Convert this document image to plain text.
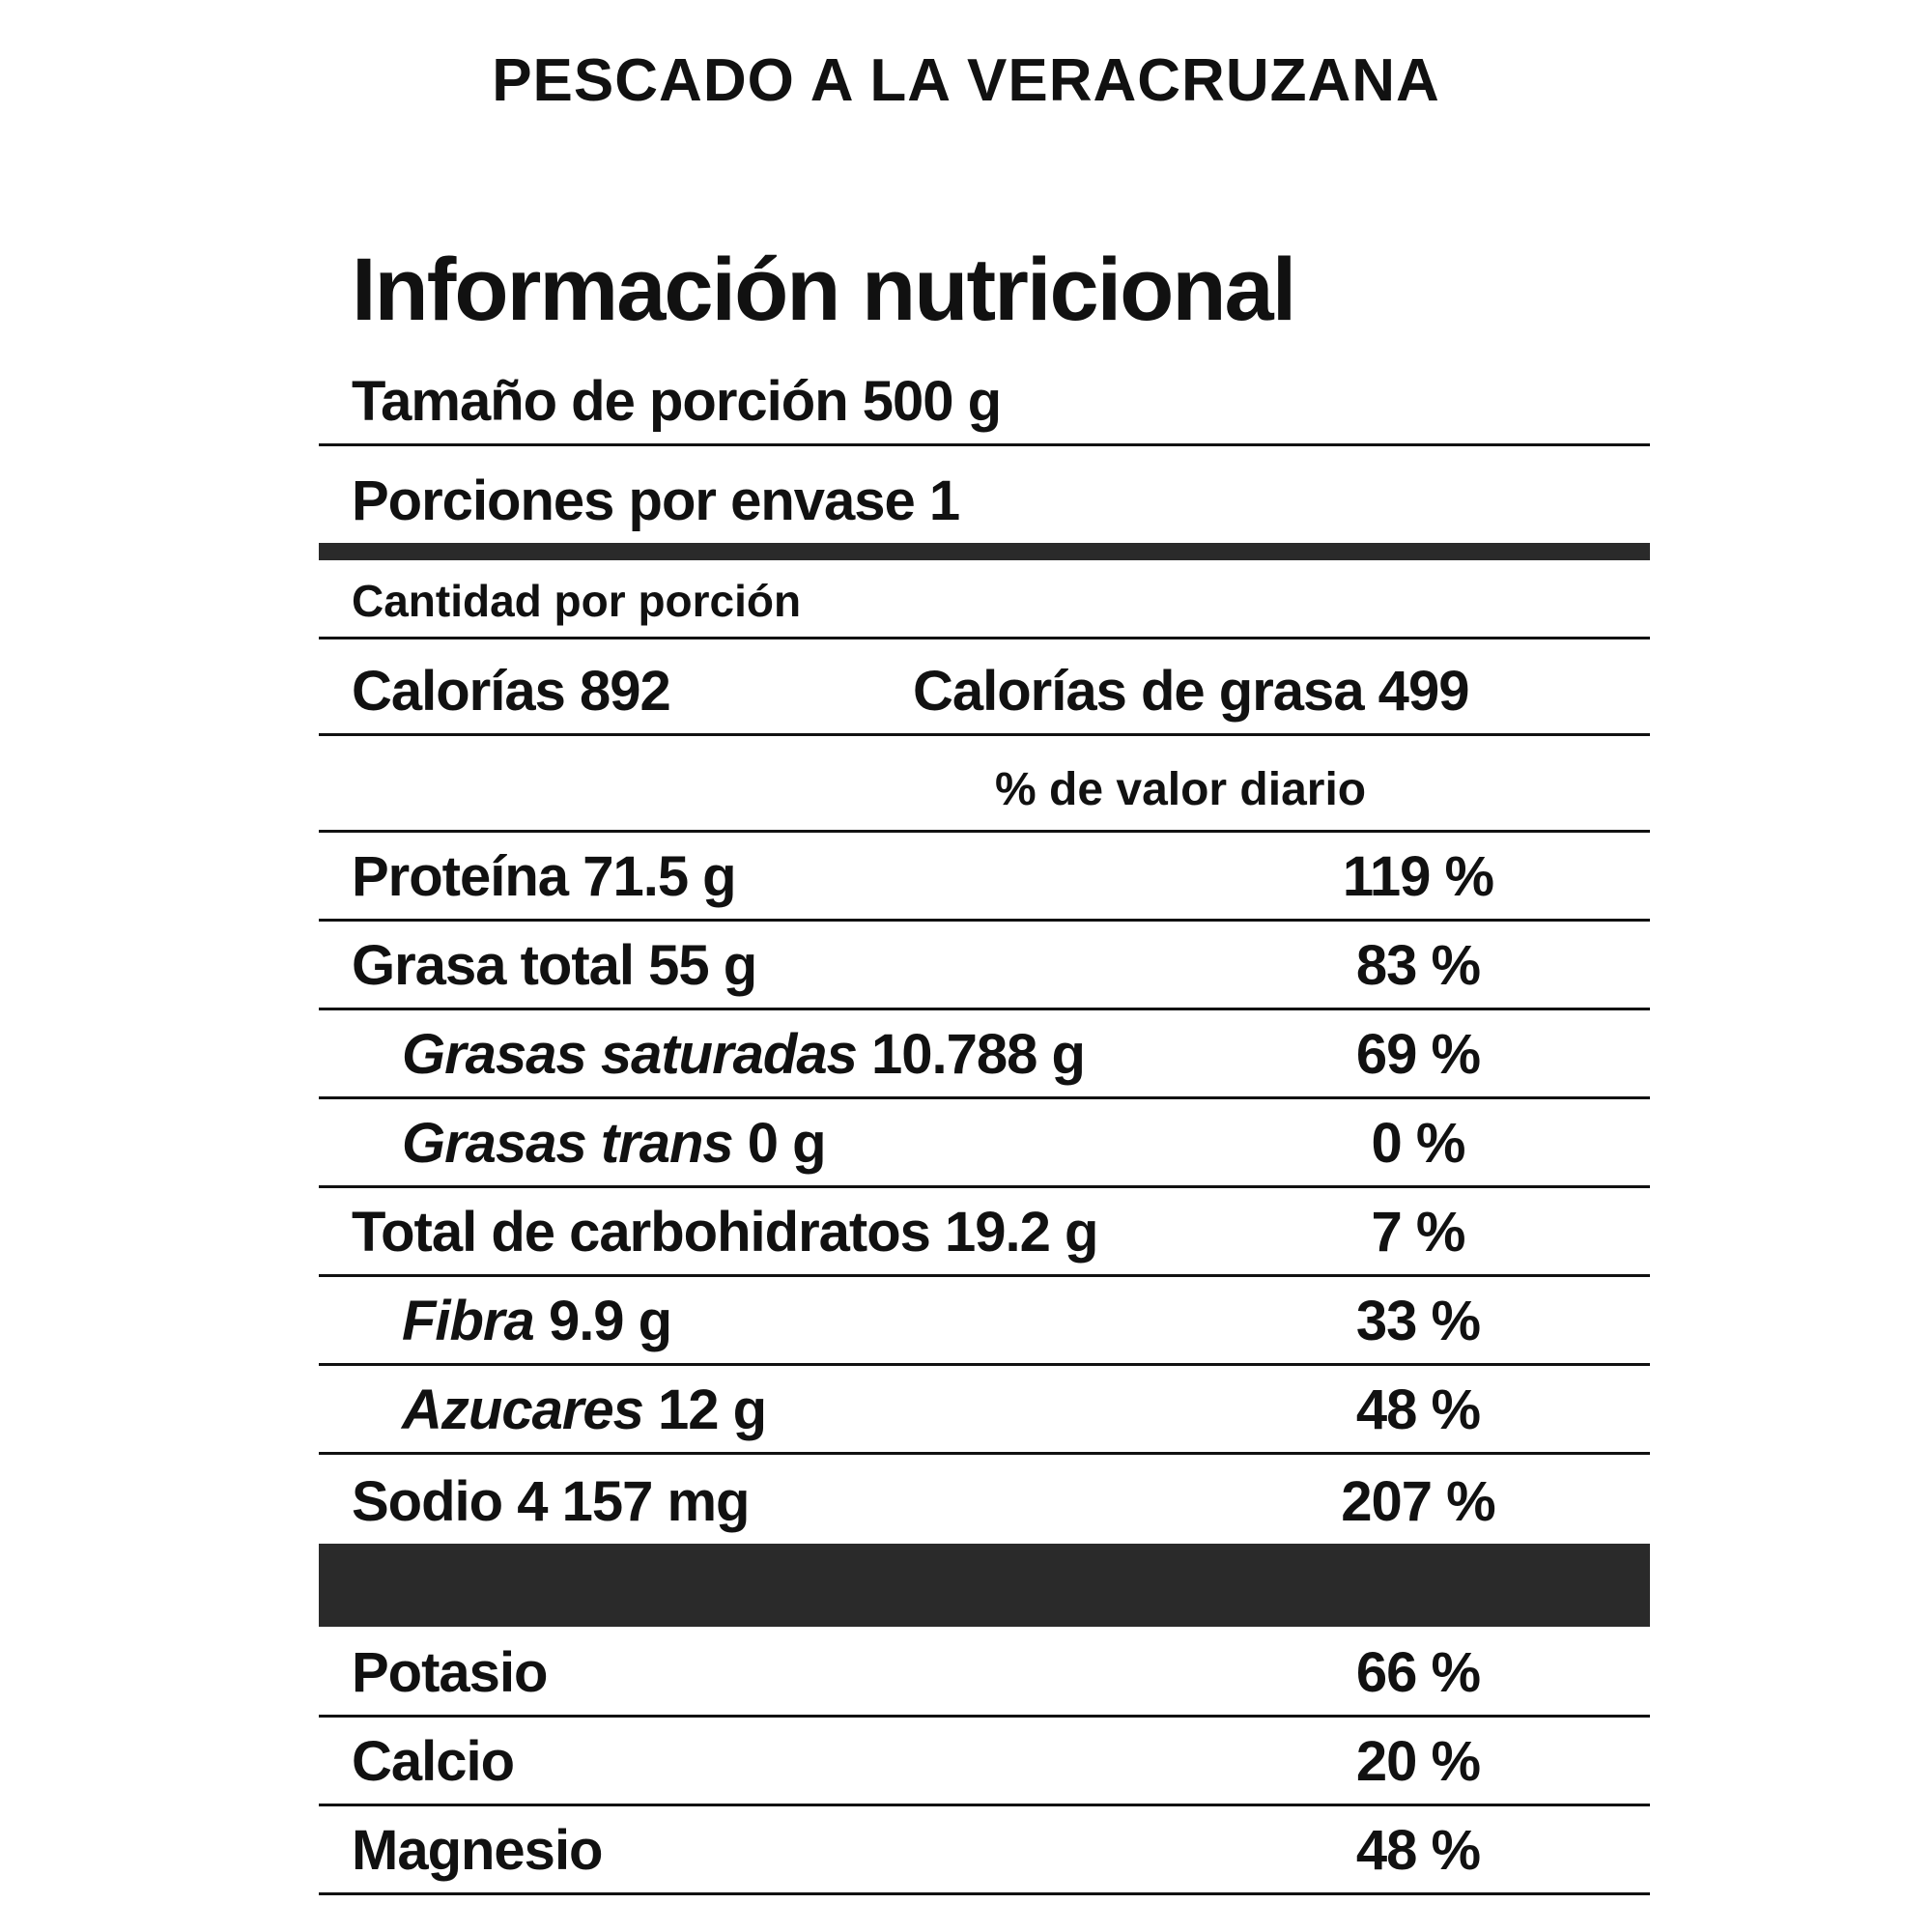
PESCADO A LA VERACRUZANA
Información nutricional
Tamaño de porción 500 g
Porciones por envase 1
Cantidad por porción
Calorías 892	Calorías de grasa 499
% de valor diario
Proteína 71.5 g	119 %
Grasa total 55 g	83 %
Grasas saturadas 10.788 g	69 %
Grasas trans 0 g	0 %
Total de carbohidratos 19.2 g	7 %
Fibra 9.9 g	33 %
Azucares 12 g	48 %
Sodio 4 157 mg	207 %
Potasio	66 %
Calcio	20 %
Magnesio	48 %
